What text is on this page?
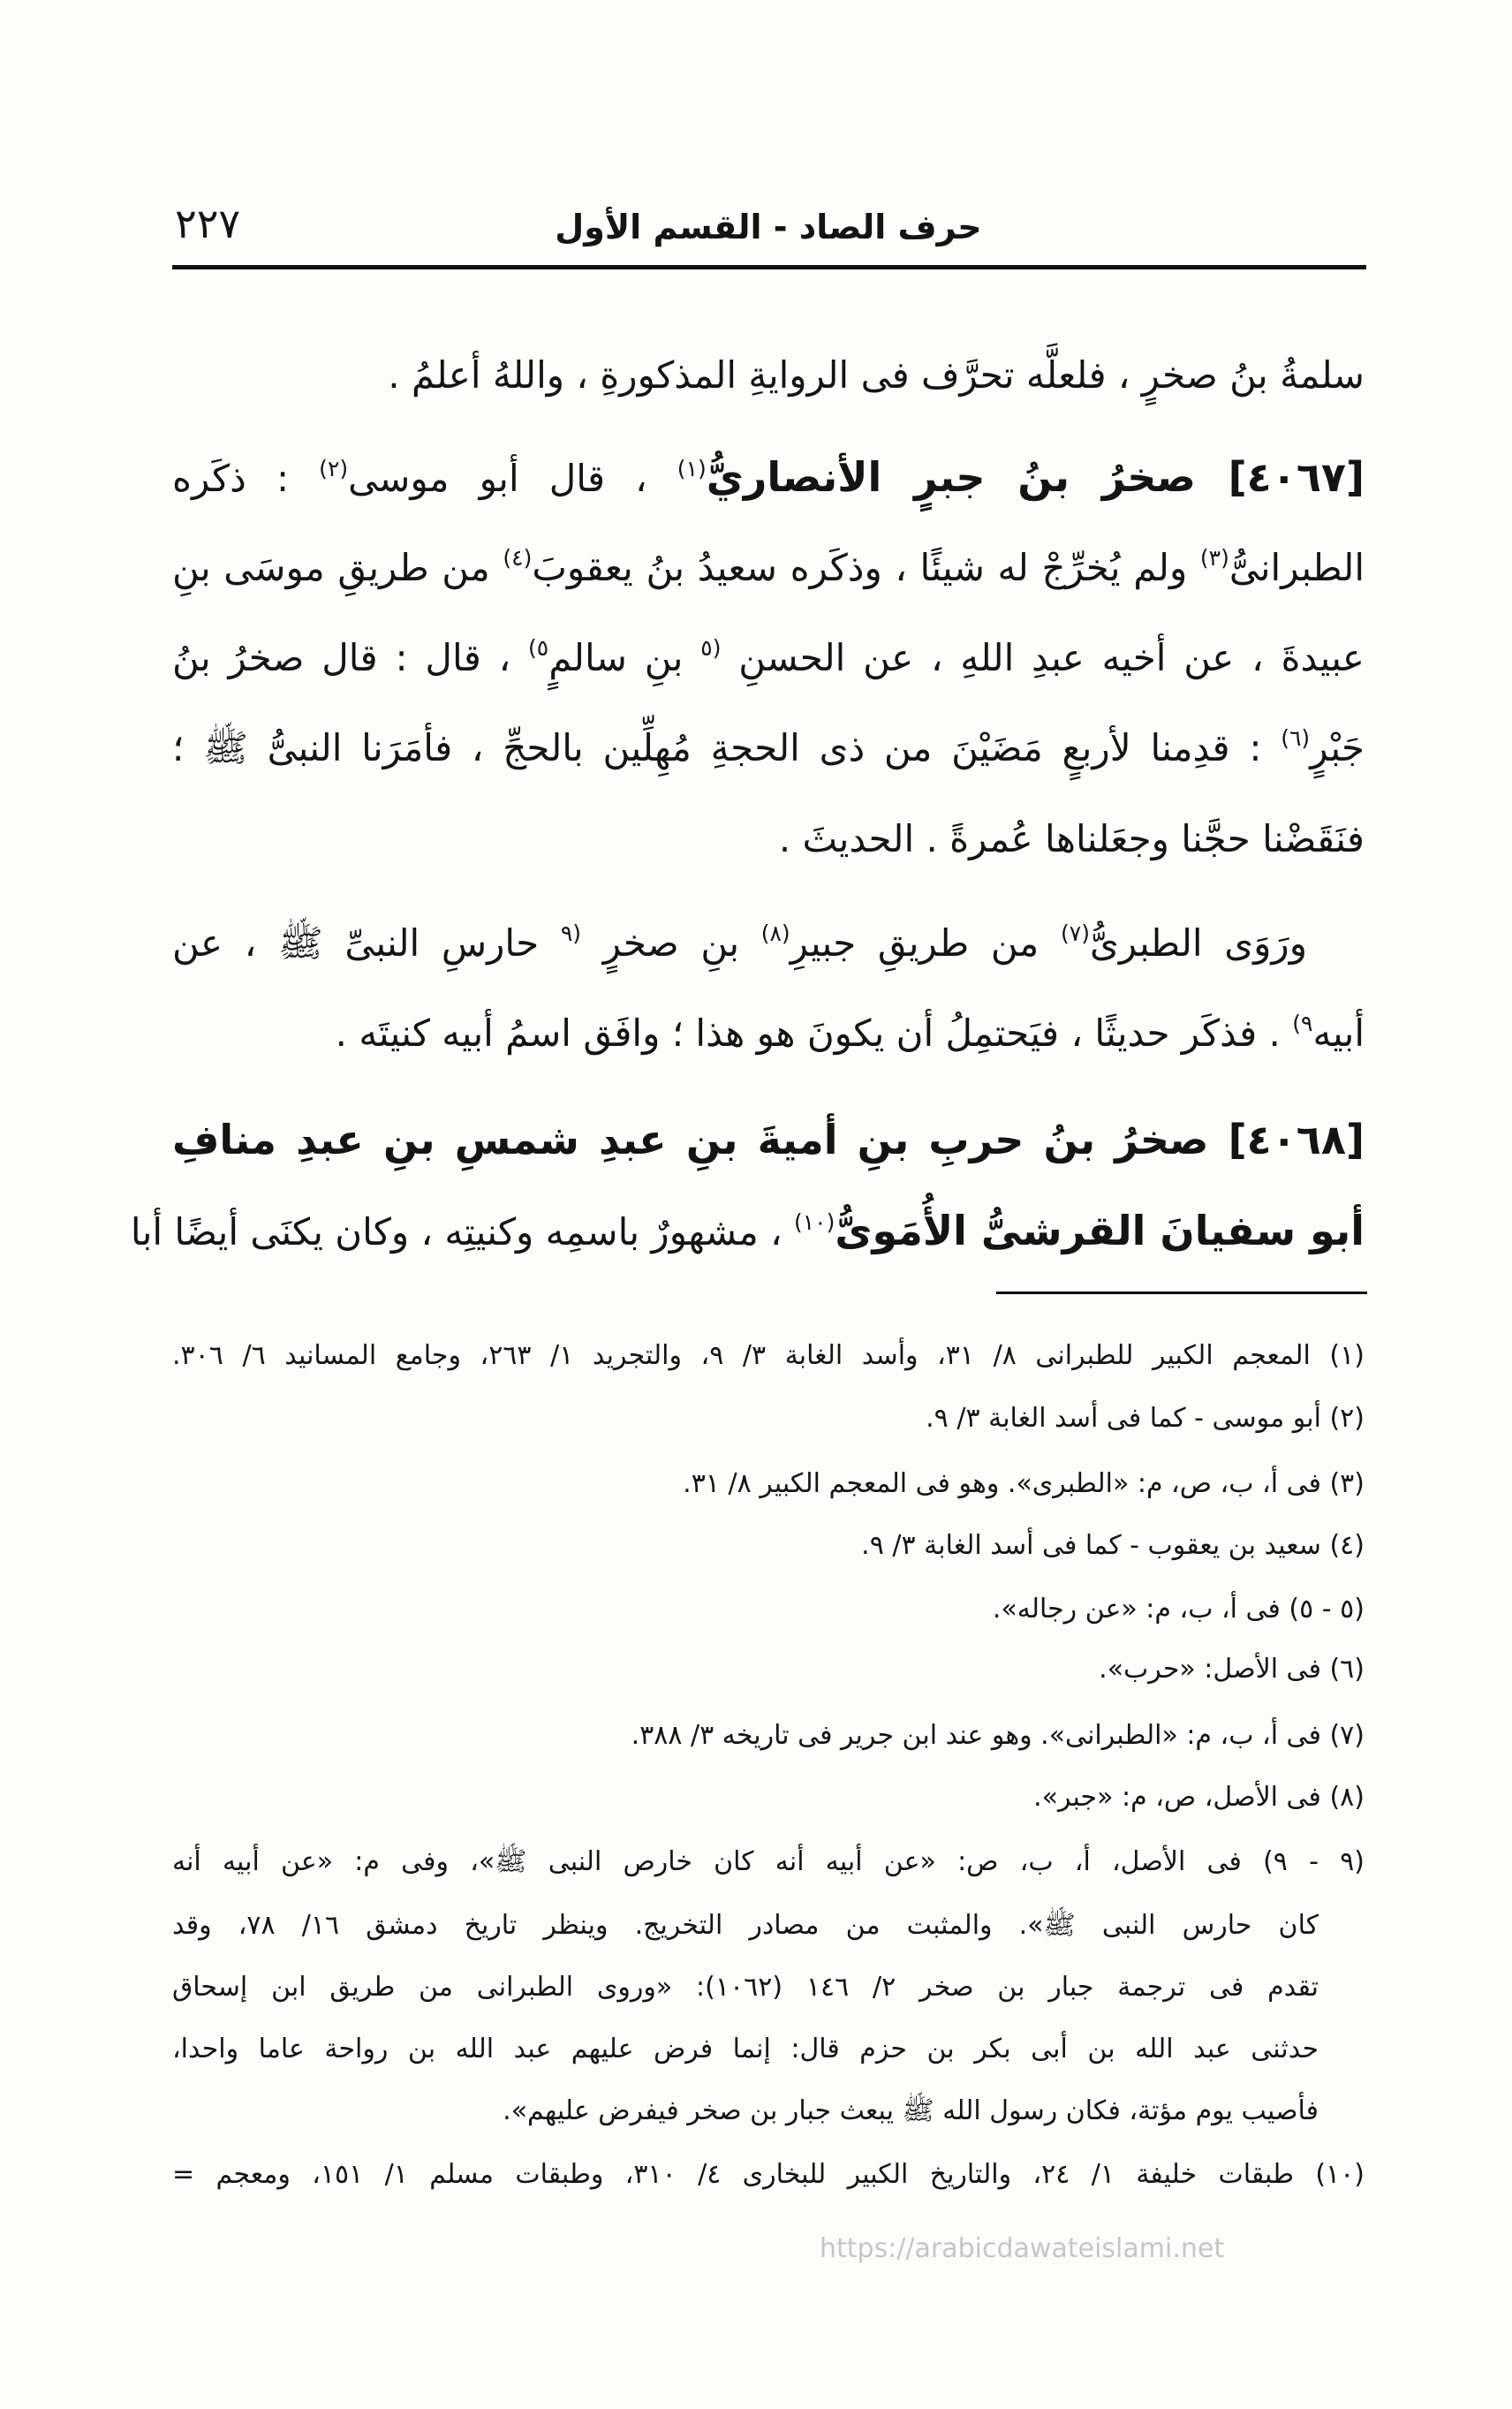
حرف الصاد - القسم الأول
٢٢٧
سلمةُ بنُ صخرٍ ، فلعلَّه تحرَّف فى الروايةِ المذكورةِ ، واللهُ أعلمُ .
[٤٠٦٧] صخرُ بنُ جبرٍ الأنصاريُّ$^{(١)}$ ، قال أبو موسى$^{(٢)}$ : ذكَره
الطبرانىُّ$^{(٣)}$ ولم يُخرِّجْ له شيئًا ، وذكَره سعيدُ بنُ يعقوبَ$^{(٤)}$ من طريقِ موسَى بنِ
عبيدةَ ، عن أخيه عبدِ اللهِ ، عن الحسنِ $^{(٥}$ بنِ سالمٍ$^{٥)}$ ، قال : قال صخرُ بنُ
جَبْرٍ$^{(٦)}$ : قدِمنا لأربعٍ مَضَيْنَ من ذى الحجةِ مُهِلِّين بالحجِّ ، فأمَرَنا النبىُّ ﷺ ؛
فنَقَضْنا حجَّنا وجعَلناها عُمرةً . الحديثَ .
ورَوَى الطبرىُّ$^{(٧)}$ من طريقِ جبيرِ$^{(٨)}$ بنِ صخرٍ $^{(٩}$ حارسِ النبىِّ ﷺ ، عن
أبيه$^{٩)}$ . فذكَر حديثًا ، فيَحتمِلُ أن يكونَ هو هذا ؛ وافَق اسمُ أبيه كنيتَه .
[٤٠٦٨] صخرُ بنُ حربِ بنِ أميةَ بنِ عبدِ شمسِ بنِ عبدِ منافِ
أبو سفيانَ القرشىُّ الأُمَوىُّ$^{(١٠)}$ ، مشهورٌ باسمِه وكنيتِه ، وكان يكنَى أيضًا أبا
(١) المعجم الكبير للطبرانى ٨/ ٣١، وأسد الغابة ٣/ ٩، والتجريد ١/ ٢٦٣، وجامع المسانيد ٦/ ٣٠٦.
(٢) أبو موسى - كما فى أسد الغابة ٣/ ٩.
(٣) فى أ، ب، ص، م: «الطبرى». وهو فى المعجم الكبير ٨/ ٣١.
(٤) سعيد بن يعقوب - كما فى أسد الغابة ٣/ ٩.
(٥ - ٥) فى أ، ب، م: «عن رجاله».
(٦) فى الأصل: «حرب».
(٧) فى أ، ب، م: «الطبرانى». وهو عند ابن جرير فى تاريخه ٣/ ٣٨٨.
(٨) فى الأصل، ص، م: «جبر».
(٩ - ٩) فى الأصل، أ، ب، ص: «عن أبيه أنه كان خارص النبى ﷺ»، وفى م: «عن أبيه أنه
كان حارس النبى ﷺ». والمثبت من مصادر التخريج. وينظر تاريخ دمشق ١٦/ ٧٨، وقد
تقدم فى ترجمة جبار بن صخر ٢/ ١٤٦ (١٠٦٢): «وروى الطبرانى من طريق ابن إسحاق
حدثنى عبد الله بن أبى بكر بن حزم قال: إنما فرض عليهم عبد الله بن رواحة عاما واحدا،
فأصيب يوم مؤتة، فكان رسول الله ﷺ يبعث جبار بن صخر فيفرض عليهم».
(١٠) طبقات خليفة ١/ ٢٤، والتاريخ الكبير للبخارى ٤/ ٣١٠، وطبقات مسلم ١/ ١٥١، ومعجم =
https://arabicdawateislami.net
